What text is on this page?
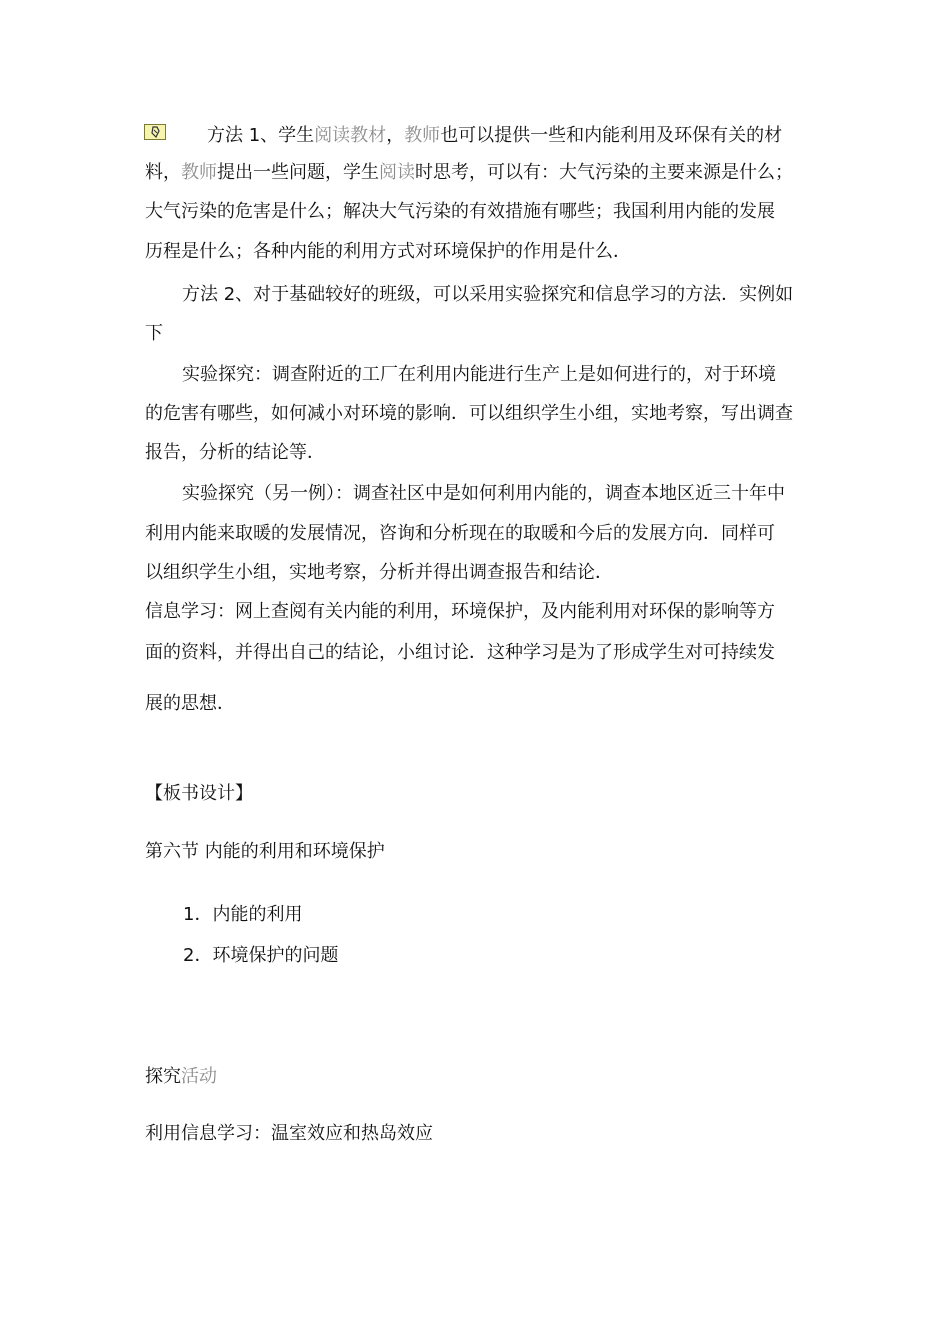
方法 1、学生阅读教材，教师也可以提供一些和内能利用及环保有关的材
料，教师提出一些问题，学生阅读时思考，可以有：大气污染的主要来源是什么；
大气污染的危害是什么；解决大气污染的有效措施有哪些；我国利用内能的发展
历程是什么；各种内能的利用方式对环境保护的作用是什么．
方法 2、对于基础较好的班级，可以采用实验探究和信息学习的方法．实例如
下
实验探究：调查附近的工厂在利用内能进行生产上是如何进行的，对于环境
的危害有哪些，如何减小对环境的影响．可以组织学生小组，实地考察，写出调查
报告，分析的结论等．
实验探究（另一例）：调查社区中是如何利用内能的，调查本地区近三十年中
利用内能来取暖的发展情况，咨询和分析现在的取暖和今后的发展方向．同样可
以组织学生小组，实地考察，分析并得出调查报告和结论．
信息学习：网上查阅有关内能的利用，环境保护，及内能利用对环保的影响等方
面的资料，并得出自己的结论，小组讨论．这种学习是为了形成学生对可持续发
展的思想．
【板书设计】
第六节 内能的利用和环境保护
1．内能的利用
2．环境保护的问题
探究活动
利用信息学习：温室效应和热岛效应
